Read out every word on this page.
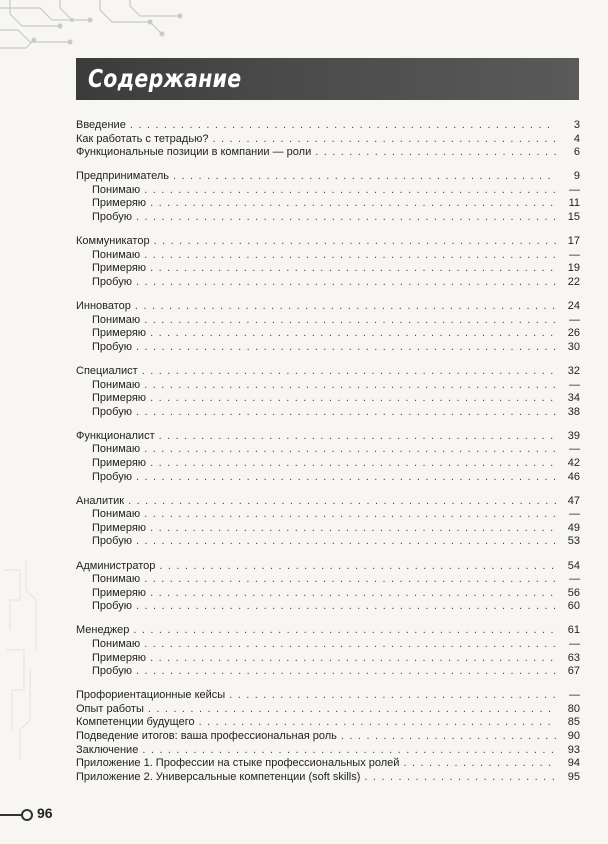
Содержание
Введение . . .	3
Как работать с тетрадью? . . .	4
Функциональные позиции в компании — роли . . .	6
Предприниматель . . .	9
Понимаю . . .	—
Примеряю . . .	11
Пробую . . .	15
Коммуникатор . . .	17
Понимаю . . .	—
Примеряю . . .	19
Пробую . . .	22
Инноватор . . .	24
Понимаю . . .	—
Примеряю . . .	26
Пробую . . .	30
Специалист . . .	32
Понимаю . . .	—
Примеряю . . .	34
Пробую . . .	38
Функционалист . . .	39
Понимаю . . .	—
Примеряю . . .	42
Пробую . . .	46
Аналитик . . .	47
Понимаю . . .	—
Примеряю . . .	49
Пробую . . .	53
Администратор . . .	54
Понимаю . . .	—
Примеряю . . .	56
Пробую . . .	60
Менеджер . . .	61
Понимаю . . .	—
Примеряю . . .	63
Пробую . . .	67
Профориентационные кейсы . . .	—
Опыт работы . . .	80
Компетенции будущего . . .	85
Подведение итогов: ваша профессиональная роль . . .	90
Заключение . . .	93
Приложение 1. Профессии на стыке профессиональных ролей . . .	94
Приложение 2. Универсальные компетенции (soft skills) . . .	95
96
